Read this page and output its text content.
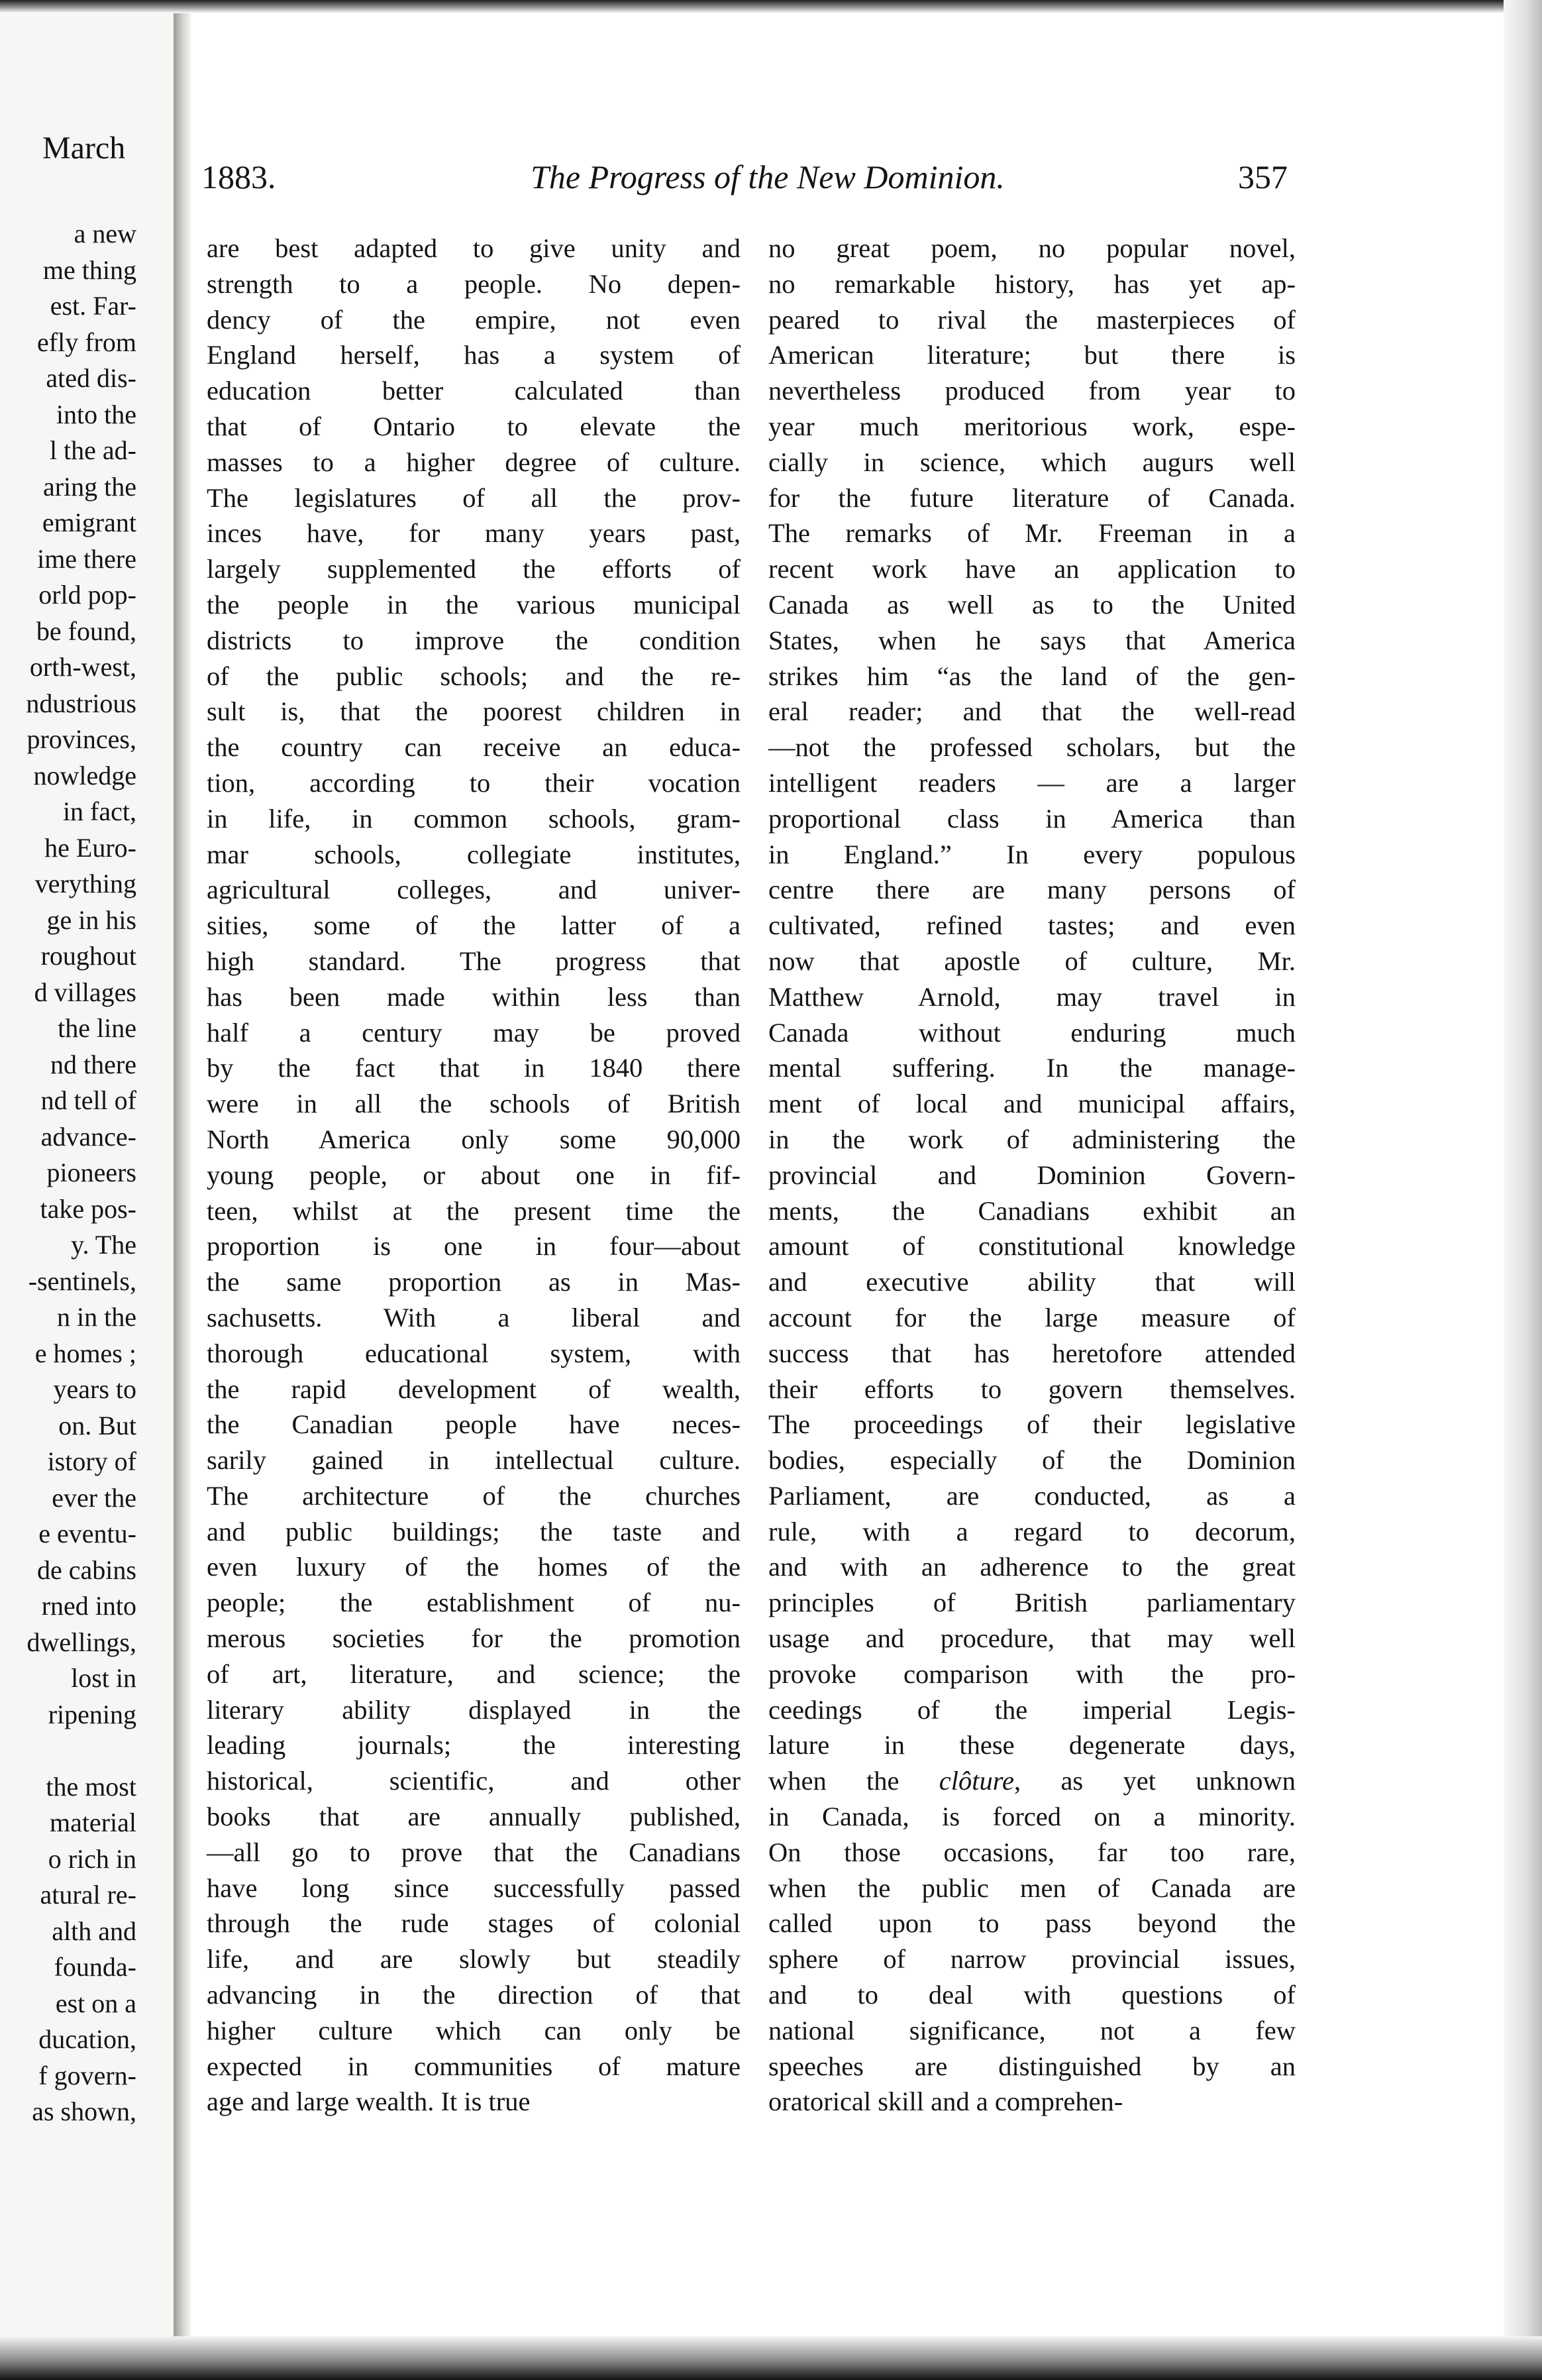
March
a new
me thing
est. Far-
efly from
ated dis-
into the
l the ad-
aring the
emigrant
ime there
orld pop-
be found,
orth-west,
ndustrious
provinces,
nowledge
in fact,
he Euro-
verything
ge in his
roughout
d villages
the line
nd there
nd tell of
advance-
pioneers
take pos-
y. The
-sentinels,
n in the
e homes ;
years to
on. But
istory of
ever the
e eventu-
de cabins
rned into
dwellings,
lost in
ripening
the most
material
o rich in
atural re-
alth and
founda-
est on a
ducation,
f govern-
as shown,
1883.	The Progress of the New Dominion.	357
are best adapted to give unity and
strength to a people. No depen-
dency of the empire, not even
England herself, has a system of
education better calculated than
that of Ontario to elevate the
masses to a higher degree of culture.
The legislatures of all the prov-
inces have, for many years past,
largely supplemented the efforts of
the people in the various municipal
districts to improve the condition
of the public schools; and the re-
sult is, that the poorest children in
the country can receive an educa-
tion, according to their vocation
in life, in common schools, gram-
mar schools, collegiate institutes,
agricultural colleges, and univer-
sities, some of the latter of a
high standard. The progress that
has been made within less than
half a century may be proved
by the fact that in 1840 there
were in all the schools of British
North America only some 90,000
young people, or about one in fif-
teen, whilst at the present time the
proportion is one in four—about
the same proportion as in Mas-
sachusetts. With a liberal and
thorough educational system, with
the rapid development of wealth,
the Canadian people have neces-
sarily gained in intellectual culture.
The architecture of the churches
and public buildings; the taste and
even luxury of the homes of the
people; the establishment of nu-
merous societies for the promotion
of art, literature, and science; the
literary ability displayed in the
leading journals; the interesting
historical, scientific, and other
books that are annually published,
—all go to prove that the Canadians
have long since successfully passed
through the rude stages of colonial
life, and are slowly but steadily
advancing in the direction of that
higher culture which can only be
expected in communities of mature
age and large wealth. It is true
no great poem, no popular novel,
no remarkable history, has yet ap-
peared to rival the masterpieces of
American literature; but there is
nevertheless produced from year to
year much meritorious work, espe-
cially in science, which augurs well
for the future literature of Canada.
The remarks of Mr. Freeman in a
recent work have an application to
Canada as well as to the United
States, when he says that America
strikes him “as the land of the gen-
eral reader; and that the well-read
—not the professed scholars, but the
intelligent readers — are a larger
proportional class in America than
in England.” In every populous
centre there are many persons of
cultivated, refined tastes; and even
now that apostle of culture, Mr.
Matthew Arnold, may travel in
Canada without enduring much
mental suffering. In the manage-
ment of local and municipal affairs,
in the work of administering the
provincial and Dominion Govern-
ments, the Canadians exhibit an
amount of constitutional knowledge
and executive ability that will
account for the large measure of
success that has heretofore attended
their efforts to govern themselves.
The proceedings of their legislative
bodies, especially of the Dominion
Parliament, are conducted, as a
rule, with a regard to decorum,
and with an adherence to the great
principles of British parliamentary
usage and procedure, that may well
provoke comparison with the pro-
ceedings of the imperial Legis-
lature in these degenerate days,
when the clôture, as yet unknown
in Canada, is forced on a minority.
On those occasions, far too rare,
when the public men of Canada are
called upon to pass beyond the
sphere of narrow provincial issues,
and to deal with questions of
national significance, not a few
speeches are distinguished by an
oratorical skill and a comprehen-
